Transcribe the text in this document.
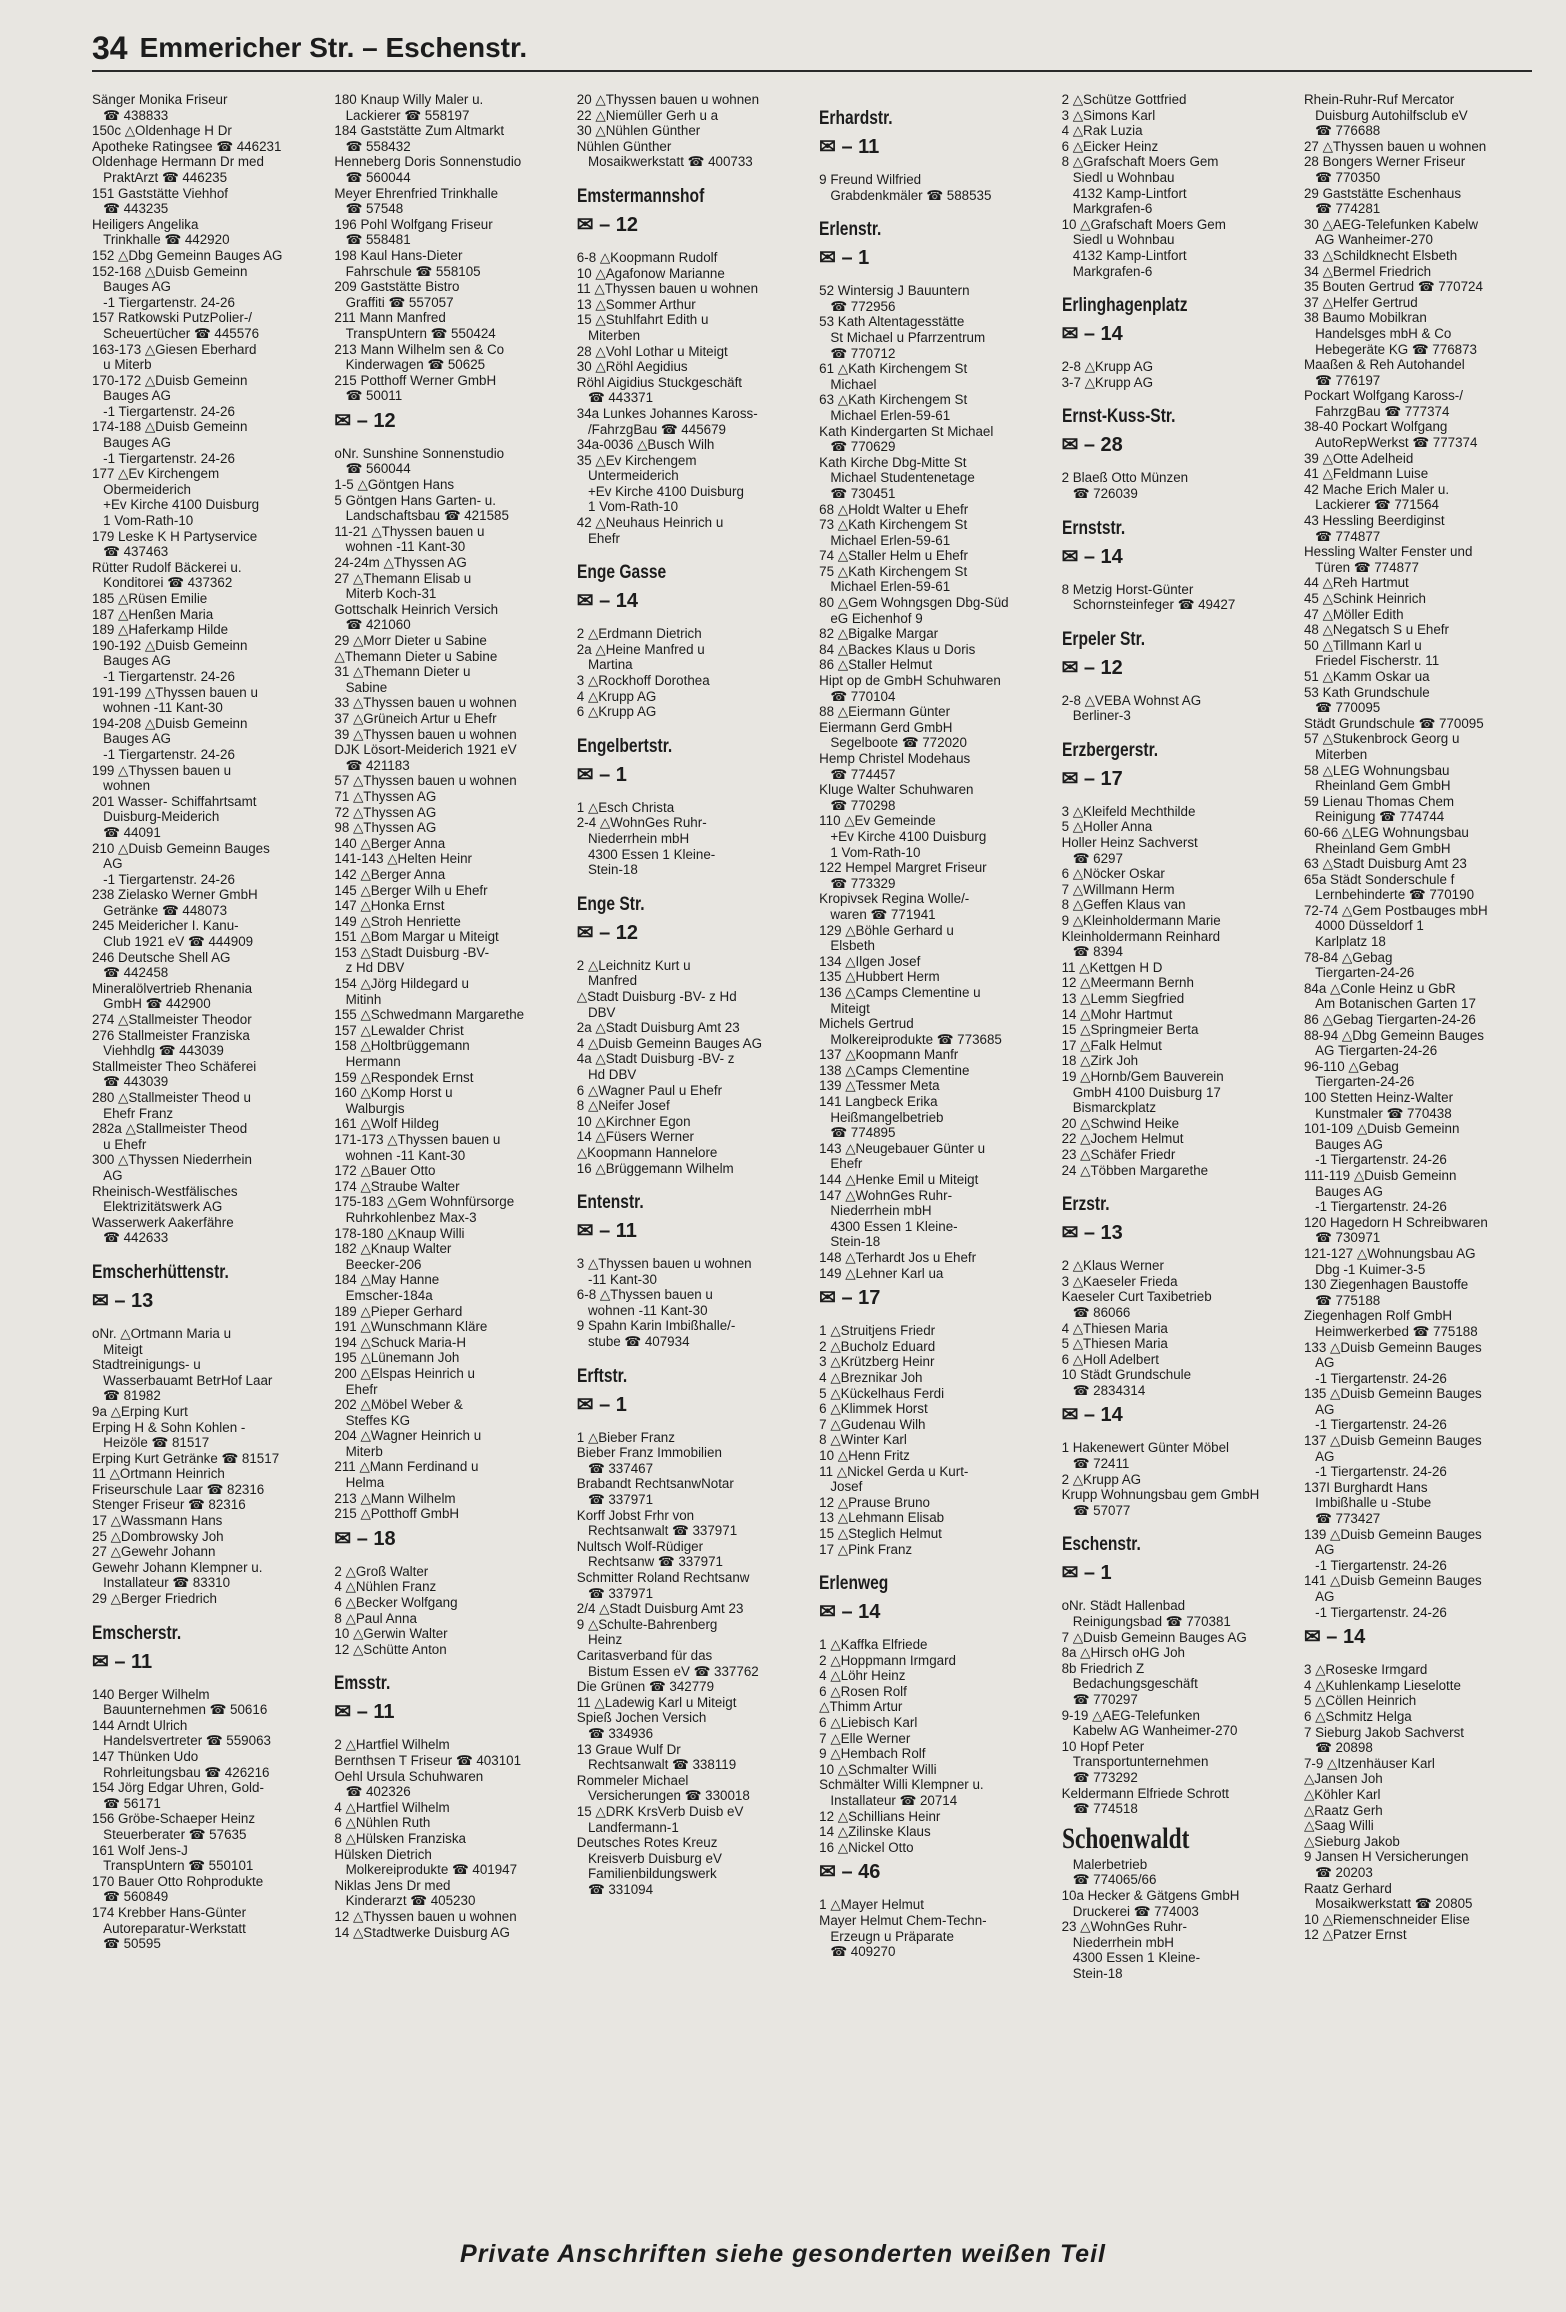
34 Emmericher Str. – Eschenstr.
Sänger Monika Friseur
☎ 438833
150c △Oldenhage H Dr
Apotheke Ratingsee ☎ 446231
Oldenhage Hermann Dr med
PraktArzt ☎ 446235
151 Gaststätte Viehhof
☎ 443235
Heiligers Angelika
Trinkhalle ☎ 442920
152 △Dbg Gemeinn Bauges AG
152-168 △Duisb Gemeinn
Bauges AG
-1 Tiergartenstr. 24-26
157 Ratkowski PutzPolier-/
Scheuertücher ☎ 445576
163-173 △Giesen Eberhard
u Miterb
170-172 △Duisb Gemeinn
Bauges AG
-1 Tiergartenstr. 24-26
174-188 △Duisb Gemeinn
Bauges AG
-1 Tiergartenstr. 24-26
177 △Ev Kirchengem
Obermeiderich
+Ev Kirche 4100 Duisburg
1 Vom-Rath-10
179 Leske K H Partyservice
☎ 437463
Rütter Rudolf Bäckerei u.
Konditorei ☎ 437362
185 △Rüsen Emilie
187 △Henßen Maria
189 △Haferkamp Hilde
190-192 △Duisb Gemeinn
Bauges AG
-1 Tiergartenstr. 24-26
191-199 △Thyssen bauen u
wohnen -11 Kant-30
194-208 △Duisb Gemeinn
Bauges AG
-1 Tiergartenstr. 24-26
199 △Thyssen bauen u
wohnen
201 Wasser- Schiffahrtsamt
Duisburg-Meiderich
☎ 44091
210 △Duisb Gemeinn Bauges
AG
-1 Tiergartenstr. 24-26
238 Zielasko Werner GmbH
Getränke ☎ 448073
245 Meidericher I. Kanu-
Club 1921 eV ☎ 444909
246 Deutsche Shell AG
☎ 442458
Mineralölvertrieb Rhenania
GmbH ☎ 442900
274 △Stallmeister Theodor
276 Stallmeister Franziska
Viehhdlg ☎ 443039
Stallmeister Theo Schäferei
☎ 443039
280 △Stallmeister Theod u
Ehefr Franz
282a △Stallmeister Theod
u Ehefr
300 △Thyssen Niederrhein
AG
Rheinisch-Westfälisches
Elektrizitätswerk AG
Wasserwerk Aakerfähre
☎ 442633
Emscherhüttenstr.
✉ – 13
oNr. △Ortmann Maria u
Miteigt
Stadtreinigungs- u
Wasserbauamt BetrHof Laar
☎ 81982
9a △Erping Kurt
Erping H & Sohn Kohlen -
Heizöle ☎ 81517
Erping Kurt Getränke ☎ 81517
11 △Ortmann Heinrich
Friseurschule Laar ☎ 82316
Stenger Friseur ☎ 82316
17 △Wassmann Hans
25 △Dombrowsky Joh
27 △Gewehr Johann
Gewehr Johann Klempner u.
Installateur ☎ 83310
29 △Berger Friedrich
Emscherstr.
✉ – 11
140 Berger Wilhelm
Bauunternehmen ☎ 50616
144 Arndt Ulrich
Handelsvertreter ☎ 559063
147 Thünken Udo
Rohrleitungsbau ☎ 426216
154 Jörg Edgar Uhren, Gold-
☎ 56171
156 Gröbe-Schaeper Heinz
Steuerberater ☎ 57635
161 Wolf Jens-J
TranspUntern ☎ 550101
170 Bauer Otto Rohprodukte
☎ 560849
174 Krebber Hans-Günter
Autoreparatur-Werkstatt
☎ 50595
180 Knaup Willy Maler u.
Lackierer ☎ 558197
184 Gaststätte Zum Altmarkt
☎ 558432
Henneberg Doris Sonnenstudio
☎ 560044
Meyer Ehrenfried Trinkhalle
☎ 57548
196 Pohl Wolfgang Friseur
☎ 558481
198 Kaul Hans-Dieter
Fahrschule ☎ 558105
209 Gaststätte Bistro
Graffiti ☎ 557057
211 Mann Manfred
TranspUntern ☎ 550424
213 Mann Wilhelm sen & Co
Kinderwagen ☎ 50625
215 Potthoff Werner GmbH
☎ 50011
✉ – 12
oNr. Sunshine Sonnenstudio
☎ 560044
1-5 △Göntgen Hans
5 Göntgen Hans Garten- u.
Landschaftsbau ☎ 421585
11-21 △Thyssen bauen u
wohnen -11 Kant-30
24-24m △Thyssen AG
27 △Themann Elisab u
Miterb Koch-31
Gottschalk Heinrich Versich
☎ 421060
29 △Morr Dieter u Sabine
△Themann Dieter u Sabine
31 △Themann Dieter u
Sabine
33 △Thyssen bauen u wohnen
37 △Grüneich Artur u Ehefr
39 △Thyssen bauen u wohnen
DJK Lösort-Meiderich 1921 eV
☎ 421183
57 △Thyssen bauen u wohnen
71 △Thyssen AG
72 △Thyssen AG
98 △Thyssen AG
140 △Berger Anna
141-143 △Helten Heinr
142 △Berger Anna
145 △Berger Wilh u Ehefr
147 △Honka Ernst
149 △Stroh Henriette
151 △Bom Margar u Miteigt
153 △Stadt Duisburg -BV-
z Hd DBV
154 △Jörg Hildegard u
Mitinh
155 △Schwedmann Margarethe
157 △Lewalder Christ
158 △Holtbrüggemann
Hermann
159 △Respondek Ernst
160 △Komp Horst u
Walburgis
161 △Wolf Hildeg
171-173 △Thyssen bauen u
wohnen -11 Kant-30
172 △Bauer Otto
174 △Straube Walter
175-183 △Gem Wohnfürsorge
Ruhrkohlenbez Max-3
178-180 △Knaup Willi
182 △Knaup Walter
Beecker-206
184 △May Hanne
Emscher-184a
189 △Pieper Gerhard
191 △Wunschmann Kläre
194 △Schuck Maria-H
195 △Lünemann Joh
200 △Elspas Heinrich u
Ehefr
202 △Möbel Weber &
Steffes KG
204 △Wagner Heinrich u
Miterb
211 △Mann Ferdinand u
Helma
213 △Mann Wilhelm
215 △Potthoff GmbH
✉ – 18
2 △Groß Walter
4 △Nühlen Franz
6 △Becker Wolfgang
8 △Paul Anna
10 △Gerwin Walter
12 △Schütte Anton
Emsstr.
✉ – 11
2 △Hartfiel Wilhelm
Bernthsen T Friseur ☎ 403101
Oehl Ursula Schuhwaren
☎ 402326
4 △Hartfiel Wilhelm
6 △Nühlen Ruth
8 △Hülsken Franziska
Hülsken Dietrich
Molkereiprodukte ☎ 401947
Niklas Jens Dr med
Kinderarzt ☎ 405230
12 △Thyssen bauen u wohnen
14 △Stadtwerke Duisburg AG
20 △Thyssen bauen u wohnen
22 △Niemüller Gerh u a
30 △Nühlen Günther
Nühlen Günther
Mosaikwerkstatt ☎ 400733
Emstermannshof
✉ – 12
6-8 △Koopmann Rudolf
10 △Agafonow Marianne
11 △Thyssen bauen u wohnen
13 △Sommer Arthur
15 △Stuhlfahrt Edith u
Miterben
28 △Vohl Lothar u Miteigt
30 △Röhl Aegidius
Röhl Aigidius Stuckgeschäft
☎ 443371
34a Lunkes Johannes Kaross-
/FahrzgBau ☎ 445679
34a-0036 △Busch Wilh
35 △Ev Kirchengem
Untermeiderich
+Ev Kirche 4100 Duisburg
1 Vom-Rath-10
42 △Neuhaus Heinrich u
Ehefr
Enge Gasse
✉ – 14
2 △Erdmann Dietrich
2a △Heine Manfred u
Martina
3 △Rockhoff Dorothea
4 △Krupp AG
6 △Krupp AG
Engelbertstr.
✉ – 1
1 △Esch Christa
2-4 △WohnGes Ruhr-
Niederrhein mbH
4300 Essen 1 Kleine-
Stein-18
Enge Str.
✉ – 12
2 △Leichnitz Kurt u
Manfred
△Stadt Duisburg -BV- z Hd
DBV
2a △Stadt Duisburg Amt 23
4 △Duisb Gemeinn Bauges AG
4a △Stadt Duisburg -BV- z
Hd DBV
6 △Wagner Paul u Ehefr
8 △Neifer Josef
10 △Kirchner Egon
14 △Füsers Werner
△Koopmann Hannelore
16 △Brüggemann Wilhelm
Entenstr.
✉ – 11
3 △Thyssen bauen u wohnen
-11 Kant-30
6-8 △Thyssen bauen u
wohnen -11 Kant-30
9 Spahn Karin Imbißhalle/-
stube ☎ 407934
Erftstr.
✉ – 1
1 △Bieber Franz
Bieber Franz Immobilien
☎ 337467
Brabandt RechtsanwNotar
☎ 337971
Korff Jobst Frhr von
Rechtsanwalt ☎ 337971
Nultsch Wolf-Rüdiger
Rechtsanw ☎ 337971
Schmitter Roland Rechtsanw
☎ 337971
2/4 △Stadt Duisburg Amt 23
9 △Schulte-Bahrenberg
Heinz
Caritasverband für das
Bistum Essen eV ☎ 337762
Die Grünen ☎ 342779
11 △Ladewig Karl u Miteigt
Spieß Jochen Versich
☎ 334936
13 Graue Wulf Dr
Rechtsanwalt ☎ 338119
Rommeler Michael
Versicherungen ☎ 330018
15 △DRK KrsVerb Duisb eV
Landfermann-1
Deutsches Rotes Kreuz
Kreisverb Duisburg eV
Familienbildungswerk
☎ 331094
Erhardstr.
✉ – 11
9 Freund Wilfried
Grabdenkmäler ☎ 588535
Erlenstr.
✉ – 1
52 Wintersig J Bauuntern
☎ 772956
53 Kath Altentagesstätte
St Michael u Pfarrzentrum
☎ 770712
61 △Kath Kirchengem St
Michael
63 △Kath Kirchengem St
Michael Erlen-59-61
Kath Kindergarten St Michael
☎ 770629
Kath Kirche Dbg-Mitte St
Michael Studentenetage
☎ 730451
68 △Holdt Walter u Ehefr
73 △Kath Kirchengem St
Michael Erlen-59-61
74 △Staller Helm u Ehefr
75 △Kath Kirchengem St
Michael Erlen-59-61
80 △Gem Wohngsgen Dbg-Süd
eG Eichenhof 9
82 △Bigalke Margar
84 △Backes Klaus u Doris
86 △Staller Helmut
Hipt op de GmbH Schuhwaren
☎ 770104
88 △Eiermann Günter
Eiermann Gerd GmbH
Segelboote ☎ 772020
Hemp Christel Modehaus
☎ 774457
Kluge Walter Schuhwaren
☎ 770298
110 △Ev Gemeinde
+Ev Kirche 4100 Duisburg
1 Vom-Rath-10
122 Hempel Margret Friseur
☎ 773329
Kropivsek Regina Wolle/-
waren ☎ 771941
129 △Böhle Gerhard u
Elsbeth
134 △Ilgen Josef
135 △Hubbert Herm
136 △Camps Clementine u
Miteigt
Michels Gertrud
Molkereiprodukte ☎ 773685
137 △Koopmann Manfr
138 △Camps Clementine
139 △Tessmer Meta
141 Langbeck Erika
Heißmangelbetrieb
☎ 774895
143 △Neugebauer Günter u
Ehefr
144 △Henke Emil u Miteigt
147 △WohnGes Ruhr-
Niederrhein mbH
4300 Essen 1 Kleine-
Stein-18
148 △Terhardt Jos u Ehefr
149 △Lehner Karl ua
✉ – 17
1 △Struitjens Friedr
2 △Bucholz Eduard
3 △Krützberg Heinr
4 △Breznikar Joh
5 △Kückelhaus Ferdi
6 △Klimmek Horst
7 △Gudenau Wilh
8 △Winter Karl
10 △Henn Fritz
11 △Nickel Gerda u Kurt-
Josef
12 △Prause Bruno
13 △Lehmann Elisab
15 △Steglich Helmut
17 △Pink Franz
Erlenweg
✉ – 14
1 △Kaffka Elfriede
2 △Hoppmann Irmgard
4 △Löhr Heinz
6 △Rosen Rolf
△Thimm Artur
6 △Liebisch Karl
7 △Elle Werner
9 △Hembach Rolf
10 △Schmalter Willi
Schmälter Willi Klempner u.
Installateur ☎ 20714
12 △Schillians Heinr
14 △Zilinske Klaus
16 △Nickel Otto
✉ – 46
1 △Mayer Helmut
Mayer Helmut Chem-Techn-
Erzeugn u Präparate
☎ 409270
2 △Schütze Gottfried
3 △Simons Karl
4 △Rak Luzia
6 △Eicker Heinz
8 △Grafschaft Moers Gem
Siedl u Wohnbau
4132 Kamp-Lintfort
Markgrafen-6
10 △Grafschaft Moers Gem
Siedl u Wohnbau
4132 Kamp-Lintfort
Markgrafen-6
Erlinghagenplatz
✉ – 14
2-8 △Krupp AG
3-7 △Krupp AG
Ernst-Kuss-Str.
✉ – 28
2 Blaeß Otto Münzen
☎ 726039
Ernststr.
✉ – 14
8 Metzig Horst-Günter
Schornsteinfeger ☎ 49427
Erpeler Str.
✉ – 12
2-8 △VEBA Wohnst AG
Berliner-3
Erzbergerstr.
✉ – 17
3 △Kleifeld Mechthilde
5 △Holler Anna
Holler Heinz Sachverst
☎ 6297
6 △Nöcker Oskar
7 △Willmann Herm
8 △Geffen Klaus van
9 △Kleinholdermann Marie
Kleinholdermann Reinhard
☎ 8394
11 △Kettgen H D
12 △Meermann Bernh
13 △Lemm Siegfried
14 △Mohr Hartmut
15 △Springmeier Berta
17 △Falk Helmut
18 △Zirk Joh
19 △Hornb/Gem Bauverein
GmbH 4100 Duisburg 17
Bismarckplatz
20 △Schwind Heike
22 △Jochem Helmut
23 △Schäfer Friedr
24 △Többen Margarethe
Erzstr.
✉ – 13
2 △Klaus Werner
3 △Kaeseler Frieda
Kaeseler Curt Taxibetrieb
☎ 86066
4 △Thiesen Maria
5 △Thiesen Maria
6 △Holl Adelbert
10 Städt Grundschule
☎ 2834314
✉ – 14
1 Hakenewert Günter Möbel
☎ 72411
2 △Krupp AG
Krupp Wohnungsbau gem GmbH
☎ 57077
Eschenstr.
✉ – 1
oNr. Städt Hallenbad
Reinigungsbad ☎ 770381
7 △Duisb Gemeinn Bauges AG
8a △Hirsch oHG Joh
8b Friedrich Z
Bedachungsgeschäft
☎ 770297
9-19 △AEG-Telefunken
Kabelw AG Wanheimer-270
10 Hopf Peter
Transportunternehmen
☎ 773292
Keldermann Elfriede Schrott
☎ 774518
Schoenwaldt
Malerbetrieb
☎ 774065/66
10a Hecker & Gätgens GmbH
Druckerei ☎ 774003
23 △WohnGes Ruhr-
Niederrhein mbH
4300 Essen 1 Kleine-
Stein-18
Rhein-Ruhr-Ruf Mercator
Duisburg Autohilfsclub eV
☎ 776688
27 △Thyssen bauen u wohnen
28 Bongers Werner Friseur
☎ 770350
29 Gaststätte Eschenhaus
☎ 774281
30 △AEG-Telefunken Kabelw
AG Wanheimer-270
33 △Schildknecht Elsbeth
34 △Bermel Friedrich
35 Bouten Gertrud ☎ 770724
37 △Helfer Gertrud
38 Baumo Mobilkran
Handelsges mbH & Co
Hebegeräte KG ☎ 776873
Maaßen & Reh Autohandel
☎ 776197
Pockart Wolfgang Kaross-/
FahrzgBau ☎ 777374
38-40 Pockart Wolfgang
AutoRepWerkst ☎ 777374
39 △Otte Adelheid
41 △Feldmann Luise
42 Mache Erich Maler u.
Lackierer ☎ 771564
43 Hessling Beerdiginst
☎ 774877
Hessling Walter Fenster und
Türen ☎ 774877
44 △Reh Hartmut
45 △Schink Heinrich
47 △Möller Edith
48 △Negatsch S u Ehefr
50 △Tillmann Karl u
Friedel Fischerstr. 11
51 △Kamm Oskar ua
53 Kath Grundschule
☎ 770095
Städt Grundschule ☎ 770095
57 △Stukenbrock Georg u
Miterben
58 △LEG Wohnungsbau
Rheinland Gem GmbH
59 Lienau Thomas Chem
Reinigung ☎ 774744
60-66 △LEG Wohnungsbau
Rheinland Gem GmbH
63 △Stadt Duisburg Amt 23
65a Städt Sonderschule f
Lernbehinderte ☎ 770190
72-74 △Gem Postbauges mbH
4000 Düsseldorf 1
Karlplatz 18
78-84 △Gebag
Tiergarten-24-26
84a △Conle Heinz u GbR
Am Botanischen Garten 17
86 △Gebag Tiergarten-24-26
88-94 △Dbg Gemeinn Bauges
AG Tiergarten-24-26
96-110 △Gebag
Tiergarten-24-26
100 Stetten Heinz-Walter
Kunstmaler ☎ 770438
101-109 △Duisb Gemeinn
Bauges AG
-1 Tiergartenstr. 24-26
111-119 △Duisb Gemeinn
Bauges AG
-1 Tiergartenstr. 24-26
120 Hagedorn H Schreibwaren
☎ 730971
121-127 △Wohnungsbau AG
Dbg -1 Kuimer-3-5
130 Ziegenhagen Baustoffe
☎ 775188
Ziegenhagen Rolf GmbH
Heimwerkerbed ☎ 775188
133 △Duisb Gemeinn Bauges
AG
-1 Tiergartenstr. 24-26
135 △Duisb Gemeinn Bauges
AG
-1 Tiergartenstr. 24-26
137 △Duisb Gemeinn Bauges
AG
-1 Tiergartenstr. 24-26
137I Burghardt Hans
Imbißhalle u -Stube
☎ 773427
139 △Duisb Gemeinn Bauges
AG
-1 Tiergartenstr. 24-26
141 △Duisb Gemeinn Bauges
AG
-1 Tiergartenstr. 24-26
✉ – 14
3 △Roseske Irmgard
4 △Kuhlenkamp Lieselotte
5 △Cöllen Heinrich
6 △Schmitz Helga
7 Sieburg Jakob Sachverst
☎ 20898
7-9 △Itzenhäuser Karl
△Jansen Joh
△Köhler Karl
△Raatz Gerh
△Saag Willi
△Sieburg Jakob
9 Jansen H Versicherungen
☎ 20203
Raatz Gerhard
Mosaikwerkstatt ☎ 20805
10 △Riemenschneider Elise
12 △Patzer Ernst
Private Anschriften siehe gesonderten weißen Teil
